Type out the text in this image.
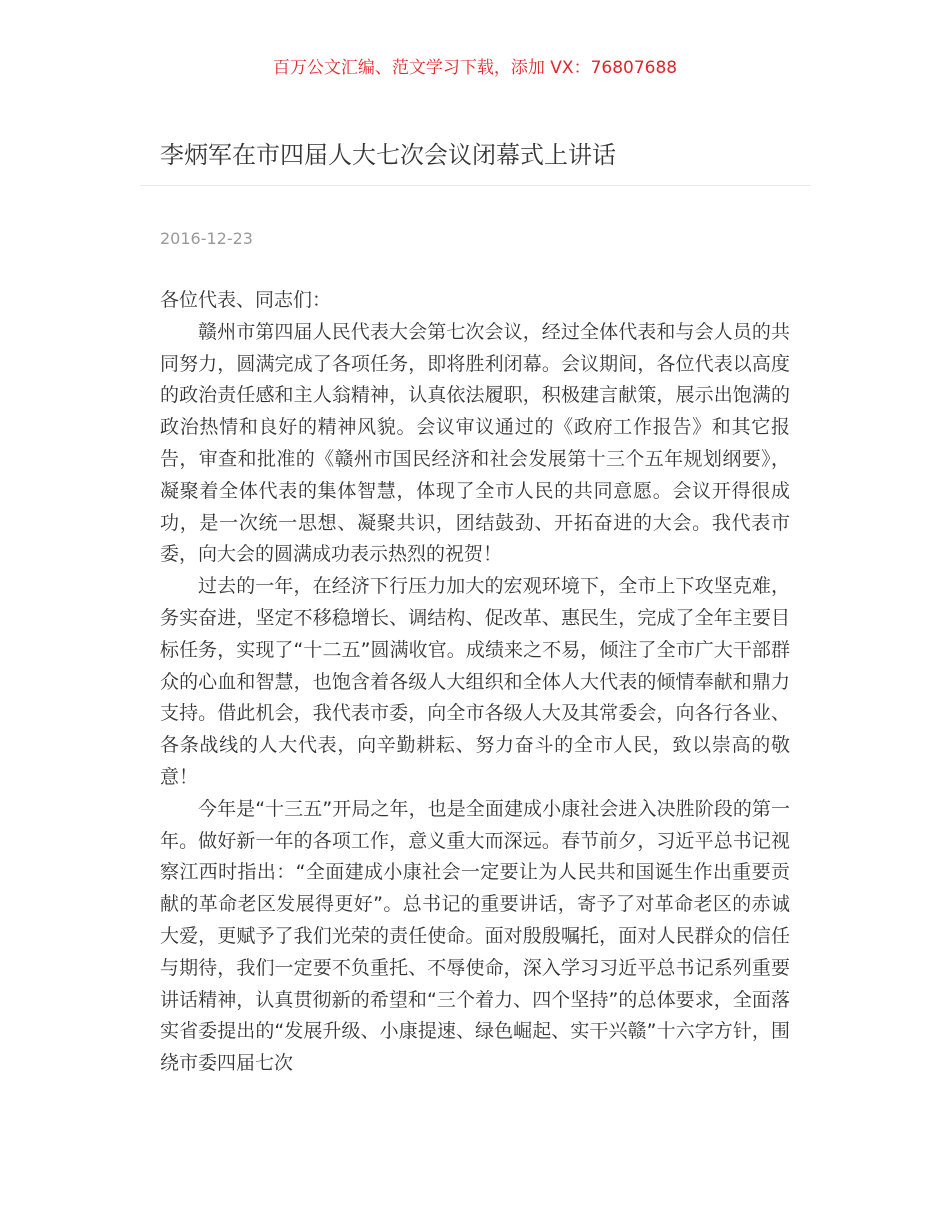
百万公文汇编、范文学习下载，添加 VX：76807688
李炳军在市四届人大七次会议闭幕式上讲话
2016-12-23

各位代表、同志们：

赣州市第四届人民代表大会第七次会议，经过全体代表和与会人员的共同努力，圆满完成了各项任务，即将胜利闭幕。会议期间，各位代表以高度的政治责任感和主人翁精神，认真依法履职，积极建言献策，展示出饱满的政治热情和良好的精神风貌。会议审议通过的《政府工作报告》和其它报告，审查和批准的《赣州市国民经济和社会发展第十三个五年规划纲要》，凝聚着全体代表的集体智慧，体现了全市人民的共同意愿。会议开得很成功，是一次统一思想、凝聚共识，团结鼓劲、开拓奋进的大会。我代表市委，向大会的圆满成功表示热烈的祝贺！

过去的一年，在经济下行压力加大的宏观环境下，全市上下攻坚克难，务实奋进，坚定不移稳增长、调结构、促改革、惠民生，完成了全年主要目标任务，实现了“十二五”圆满收官。成绩来之不易，倾注了全市广大干部群众的心血和智慧，也饱含着各级人大组织和全体人大代表的倾情奉献和鼎力支持。借此机会，我代表市委，向全市各级人大及其常委会，向各行各业、各条战线的人大代表，向辛勤耕耘、努力奋斗的全市人民，致以崇高的敬意！

今年是“十三五”开局之年，也是全面建成小康社会进入决胜阶段的第一年。做好新一年的各项工作，意义重大而深远。春节前夕，习近平总书记视察江西时指出：“全面建成小康社会一定要让为人民共和国诞生作出重要贡献的革命老区发展得更好”。总书记的重要讲话，寄予了对革命老区的赤诚大爱，更赋予了我们光荣的责任使命。面对殷殷嘱托，面对人民群众的信任与期待，我们一定要不负重托、不辱使命，深入学习习近平总书记系列重要讲话精神，认真贯彻新的希望和“三个着力、四个坚持”的总体要求，全面落实省委提出的“发展升级、小康提速、绿色崛起、实干兴赣”十六字方针，围绕市委四届七次
